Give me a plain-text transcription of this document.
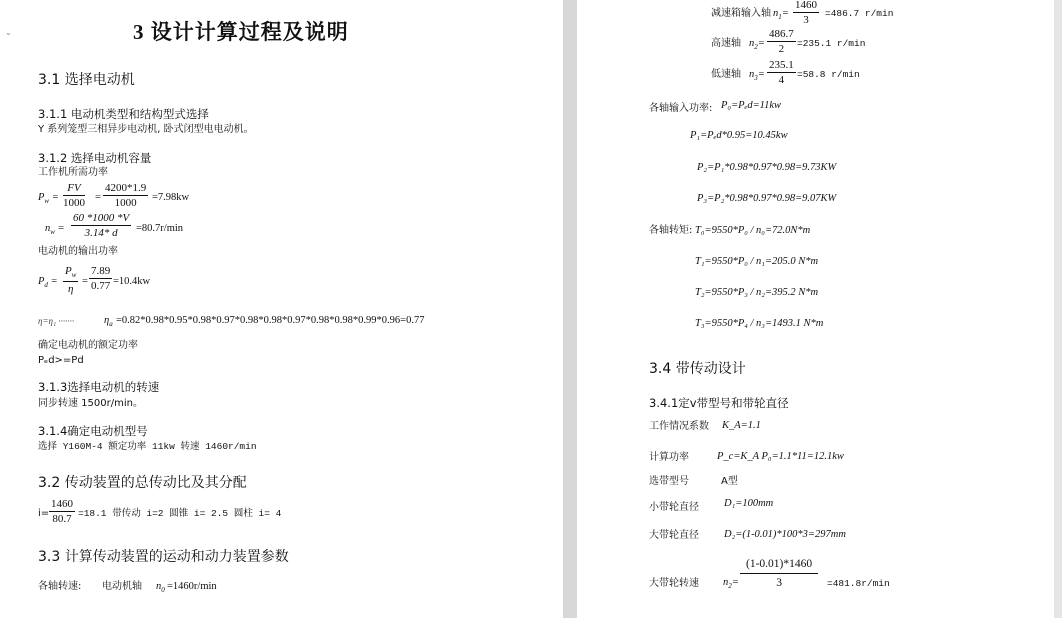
⌄	3 设计计算过程及说明
3.1 选择电动机
3.1.1 电动机类型和结构型式选择
Y 系列笼型三相异步电动机, 卧式闭型电电动机。
3.1.2 选择电动机容量
工作机所需功率
$P_w = \frac{FV}{1000} = \frac{4200*1.9}{1000} =7.98kw$
$n_w = \frac{60 *1000 *V}{3.14* d} =80.7r/\min$
电动机的输出功率
$P_d = \frac{P_w}{\eta} = \frac{7.89}{0.77} =10.4kw$
η=η₁ ·······	$\eta_a =0.82*0.98*0.95*0.98*0.97*0.98*0.98*0.97*0.98*0.98*0.99*0.96=0.77$
确定电动机的额定功率
Pₑd>=Pd
3.1.3选择电动机的转速
同步转速 1500r/min。
3.1.4确定电动机型号
选择 Y160M-4 额定功率 11kw 转速 1460r/min
3.2 传动装置的总传动比及其分配
$i= \frac{1460}{80.7} =18.1$ 带传动 i=2 圆锥 i= 2.5 圆柱 i= 4
3.3 计算传动装置的运动和动力装置参数
各轴转速: 电动机轴 $n_0 =1460r/\min$
减速箱输入轴 $n_1= \frac{1460}{3} =486.7$ r/min
高速轴 $n_2= \frac{486.7}{2} =235.1$ r/min
低速轴 $n_3= \frac{235.1}{4} =58.8$ r/min
各轴输入功率: P₀=Pₑd=11kw
P₁=Pₑd*0.95=10.45kw
P₂=P₁*0.98*0.97*0.98=9.73KW
P₃=P₂*0.98*0.97*0.98=9.07KW
各轴转矩: T₀=9550*P₀ / n₀=72.0N*m
T₁=9550*P₀ / n₁=205.0 N*m
T₂=9550*P₃ / n₂=395.2 N*m
T₃=9550*P₄ / n₃=1493.1 N*m
3.4 带传动设计
3.4.1定v带型号和带轮直径
工作情况系数 K_A=1.1
计算功率	P_c=K_A P₀=1.1*11=12.1kw
选带型号	A型
小带轮直径 D₁=100mm
大带轮直径 D₂=(1-0.01)*100*3=297mm
大带轮转速 $n_2= \frac{(1-0.01)*1460}{3} =481.8r/\min$
